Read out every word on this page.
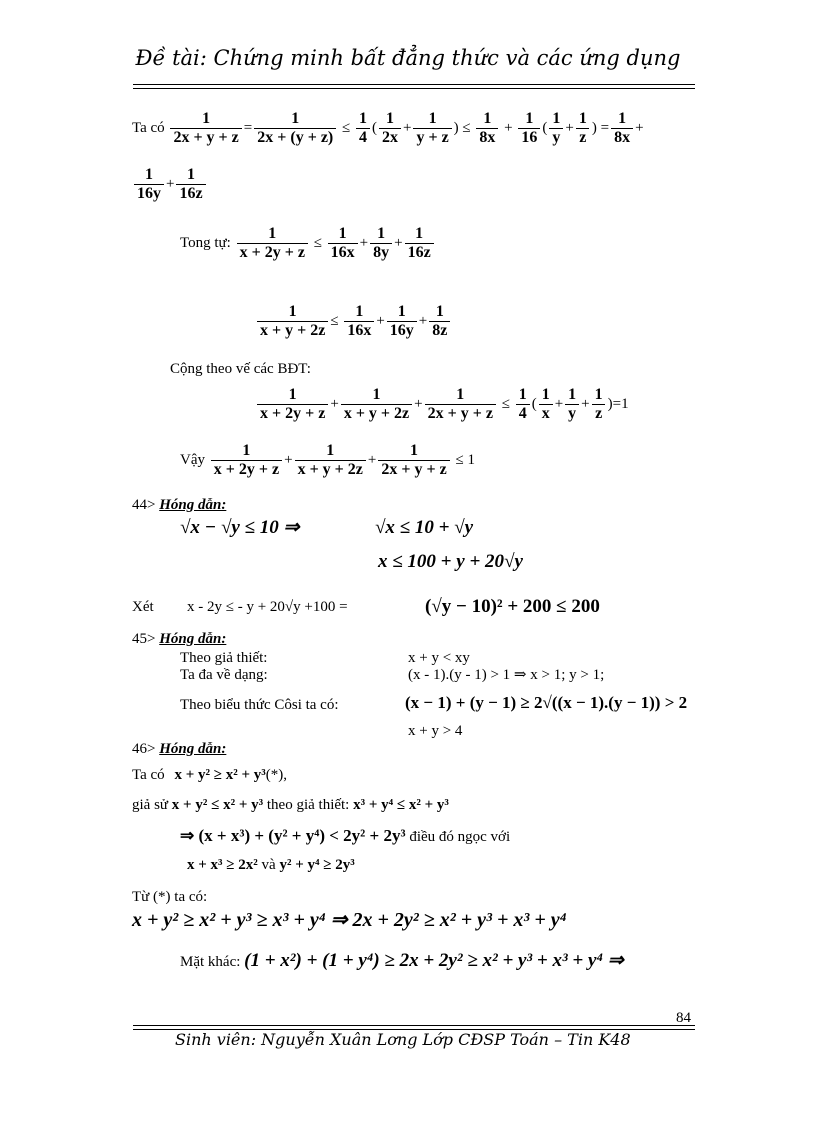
Đề tài: Chứng minh bất đẳng thức và các ứng dụng
Ta có $\frac{1}{2x + y + z} = \frac{1}{2x + (y + z)} \le \frac{1}{4}$ ( $\frac{1}{2x} + \frac{1}{y + z}$ ) ≤ $\frac{1}{8x} + \frac{1}{16}$ ( $\frac{1}{y} + \frac{1}{z}$ ) = $\frac{1}{8x}$ +
$\frac{1}{16y} + \frac{1}{16z}$
Tong tự: $\frac{1}{x + 2y + z} \le \frac{1}{16x} + \frac{1}{8y} + \frac{1}{16z}$
$\frac{1}{x + y + 2z} \le \frac{1}{16x} + \frac{1}{16y} + \frac{1}{8z}$
Cộng theo vế các BĐT:
$\frac{1}{x + 2y + z} + \frac{1}{x + y + 2z} + \frac{1}{2x + y + z} \le \frac{1}{4}$ ( $\frac{1}{x} + \frac{1}{y} + \frac{1}{z} )=1$
Vậy $\frac{1}{x + 2y + z} + \frac{1}{x + y + 2z} + \frac{1}{2x + y + z} \le 1$
44> Hóng dẫn:
√x − √y ≤ 10 ⇒	√x ≤ 10 + √y
x ≤ 100 + y + 20√y
Xét x - 2y ≤ - y + 20√y +100 =	(√y − 10)² + 200 ≤ 200
45> Hóng dẫn:
Theo giả thiết:	x + y < xy
Ta đa về dạng:	(x - 1).(y - 1) > 1 ⇒ x > 1; y > 1;
Theo biểu thức Côsi ta có:	(x − 1) + (y − 1) ≥ 2√((x − 1).(y − 1)) > 2
x + y > 4
46> Hóng dẫn:
Ta có x + y² ≥ x² + y³(*),
giả sử x + y² ≤ x² + y³ theo giả thiết: x³ + y⁴ ≤ x² + y³
⇒ (x + x³) + (y² + y⁴) < 2y² + 2y³ điều đó ngọc với
x + x³ ≥ 2x² và y² + y⁴ ≥ 2y³
Từ (*) ta có:
x + y² ≥ x² + y³ ≥ x³ + y⁴ ⇒ 2x + 2y² ≥ x² + y³ + x³ + y⁴
Mặt khác: (1 + x²) + (1 + y⁴) ≥ 2x + 2y² ≥ x² + y³ + x³ + y⁴ ⇒
84
Sinh viên: Nguyễn Xuân Lơng Lớp CĐSP Toán – Tin K48
